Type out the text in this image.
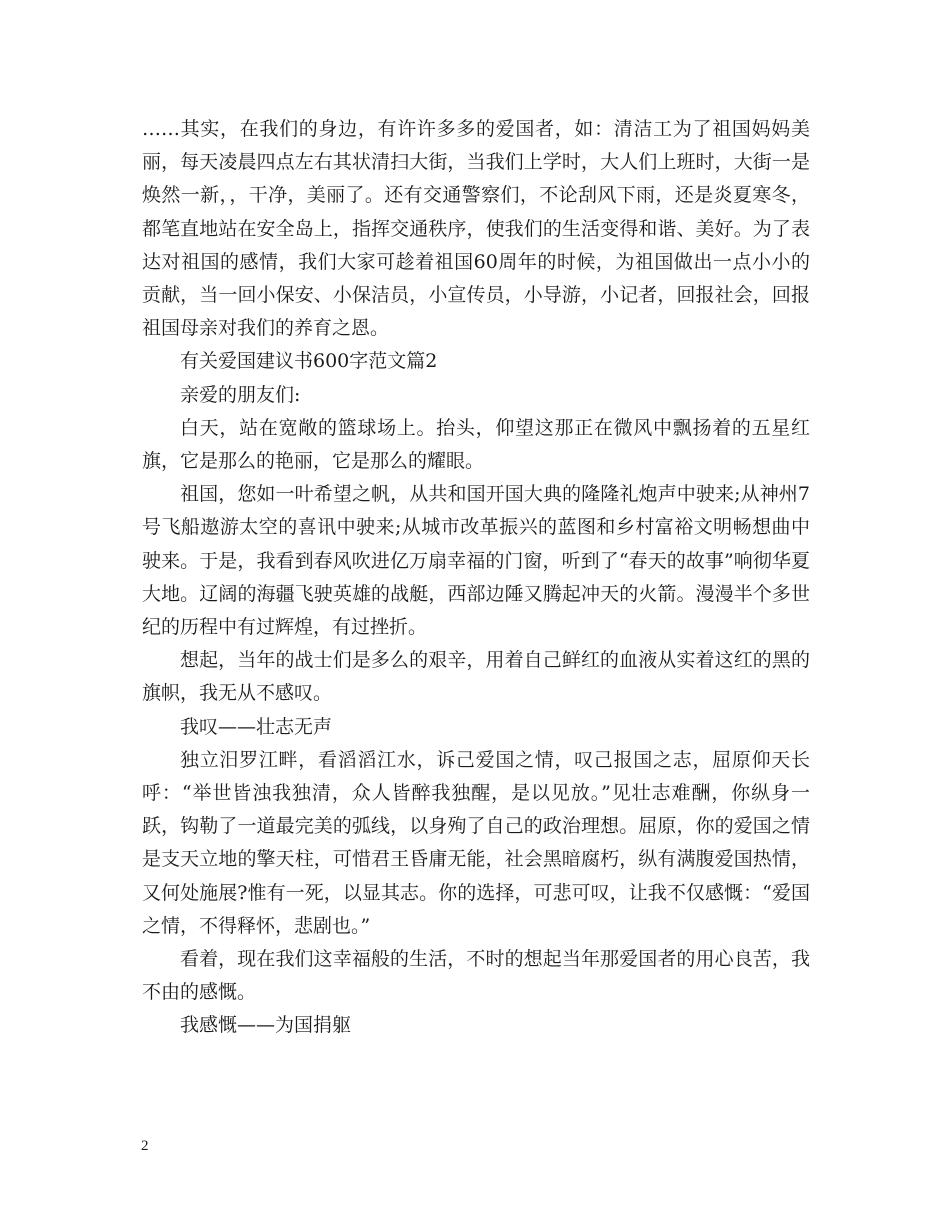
……其实，在我们的身边，有许许多多的爱国者，如：清洁工为了祖国妈妈美丽，每天凌晨四点左右其状清扫大街，当我们上学时，大人们上班时，大街一是焕然一新，，干净，美丽了。还有交通警察们，不论刮风下雨，还是炎夏寒冬，都笔直地站在安全岛上，指挥交通秩序，使我们的生活变得和谐、美好。为了表达对祖国的感情，我们大家可趁着祖国60周年的时候，为祖国做出一点小小的贡献，当一回小保安、小保洁员，小宣传员，小导游，小记者，回报社会，回报祖国母亲对我们的养育之恩。

有关爱国建议书600字范文篇2

亲爱的朋友们:

白天，站在宽敞的篮球场上。抬头，仰望这那正在微风中飘扬着的五星红旗，它是那么的艳丽，它是那么的耀眼。

祖国，您如一叶希望之帆，从共和国开国大典的隆隆礼炮声中驶来;从神州7号飞船遨游太空的喜讯中驶来;从城市改革振兴的蓝图和乡村富裕文明畅想曲中驶来。于是，我看到春风吹进亿万扇幸福的门窗，听到了“春天的故事”响彻华夏大地。辽阔的海疆飞驶英雄的战艇，西部边陲又腾起冲天的火箭。漫漫半个多世纪的历程中有过辉煌，有过挫折。

想起，当年的战士们是多么的艰辛，用着自己鲜红的血液从实着这红的黑的旗帜，我无从不感叹。

我叹——壮志无声

独立汨罗江畔，看滔滔江水，诉己爱国之情，叹己报国之志，屈原仰天长呼：“举世皆浊我独清，众人皆醉我独醒，是以见放。”见壮志难酬，你纵身一跃，钩勒了一道最完美的弧线，以身殉了自己的政治理想。屈原，你的爱国之情是支天立地的擎天柱，可惜君王昏庸无能，社会黑暗腐朽，纵有满腹爱国热情，又何处施展?惟有一死，以显其志。你的选择，可悲可叹，让我不仅感慨：“爱国之情，不得释怀，悲剧也。”

看着，现在我们这幸福般的生活，不时的想起当年那爱国者的用心良苦，我不由的感慨。

我感慨——为国捐躯

2
